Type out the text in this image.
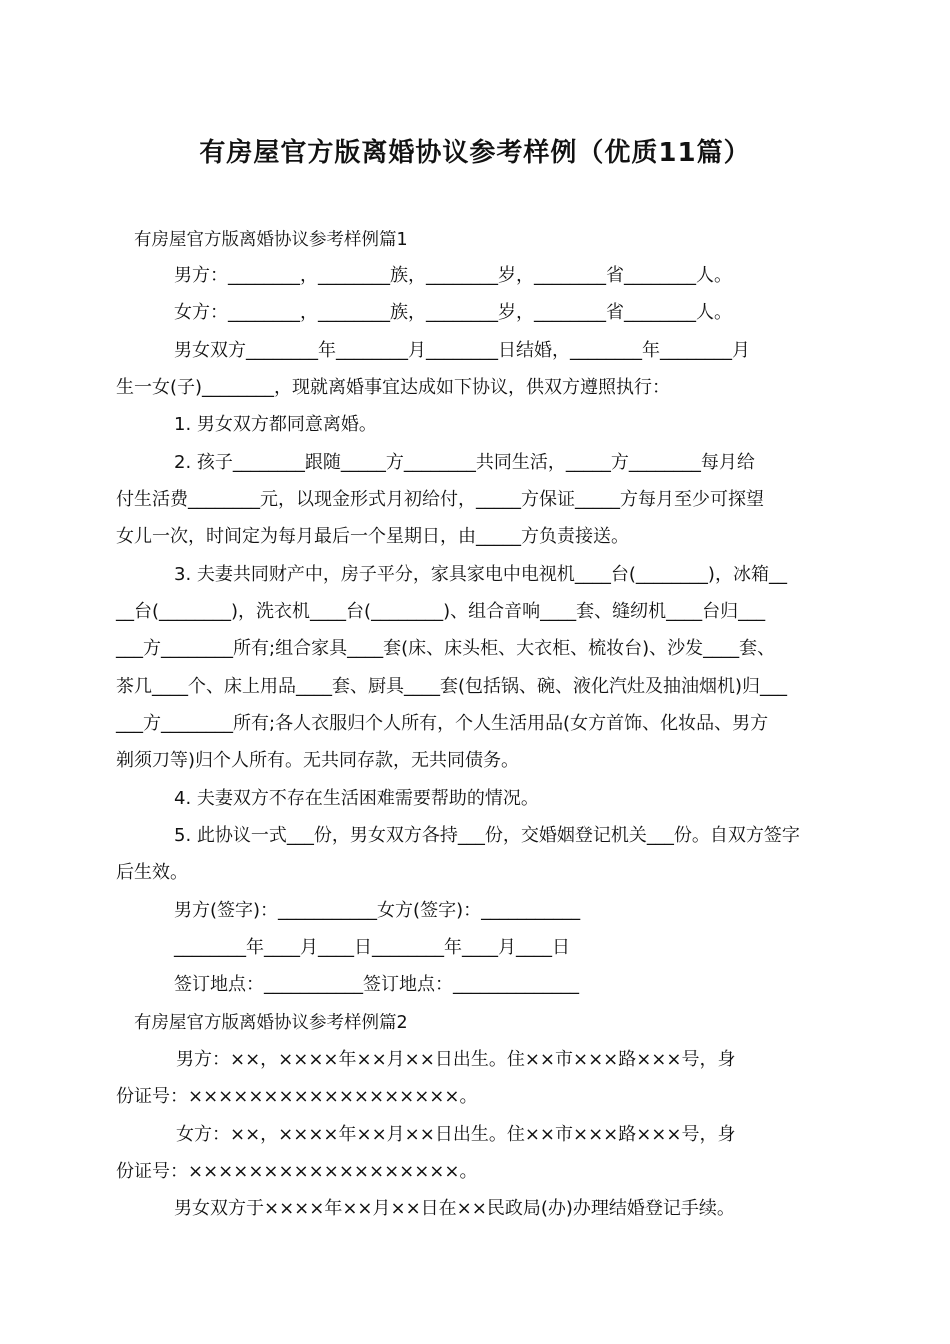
有房屋官方版离婚协议参考样例（优质11篇）
有房屋官方版离婚协议参考样例篇1
男方：________，________族，________岁，________省________人。
女方：________，________族，________岁，________省________人。
男女双方________年________月________日结婚，________年________月
生一女(子)________，现就离婚事宜达成如下协议，供双方遵照执行：
1. 男女双方都同意离婚。
2. 孩子________跟随_____方________共同生活，_____方________每月给
付生活费________元，以现金形式月初给付，_____方保证_____方每月至少可探望
女儿一次，时间定为每月最后一个星期日，由_____方负责接送。
3. 夫妻共同财产中，房子平分，家具家电中电视机____台(________)，冰箱__
__台(________)，洗衣机____台(________)、组合音响____套、缝纫机____台归___
___方________所有;组合家具____套(床、床头柜、大衣柜、梳妆台)、沙发____套、
茶几____个、床上用品____套、厨具____套(包括锅、碗、液化汽灶及抽油烟机)归___
___方________所有;各人衣服归个人所有，个人生活用品(女方首饰、化妆品、男方
剃须刀等)归个人所有。无共同存款，无共同债务。
4. 夫妻双方不存在生活困难需要帮助的情况。
5. 此协议一式___份，男女双方各持___份，交婚姻登记机关___份。自双方签字
后生效。
男方(签字)：___________女方(签字)：___________
________年____月____日________年____月____日
签订地点：___________签订地点：______________
有房屋官方版离婚协议参考样例篇2
男方：××，××××年××月××日出生。住××市×××路×××号，身
份证号：××××××××××××××××××。
女方：××，××××年××月××日出生。住××市×××路×××号，身
份证号：××××××××××××××××××。
男女双方于××××年××月××日在××民政局(办)办理结婚登记手续。
